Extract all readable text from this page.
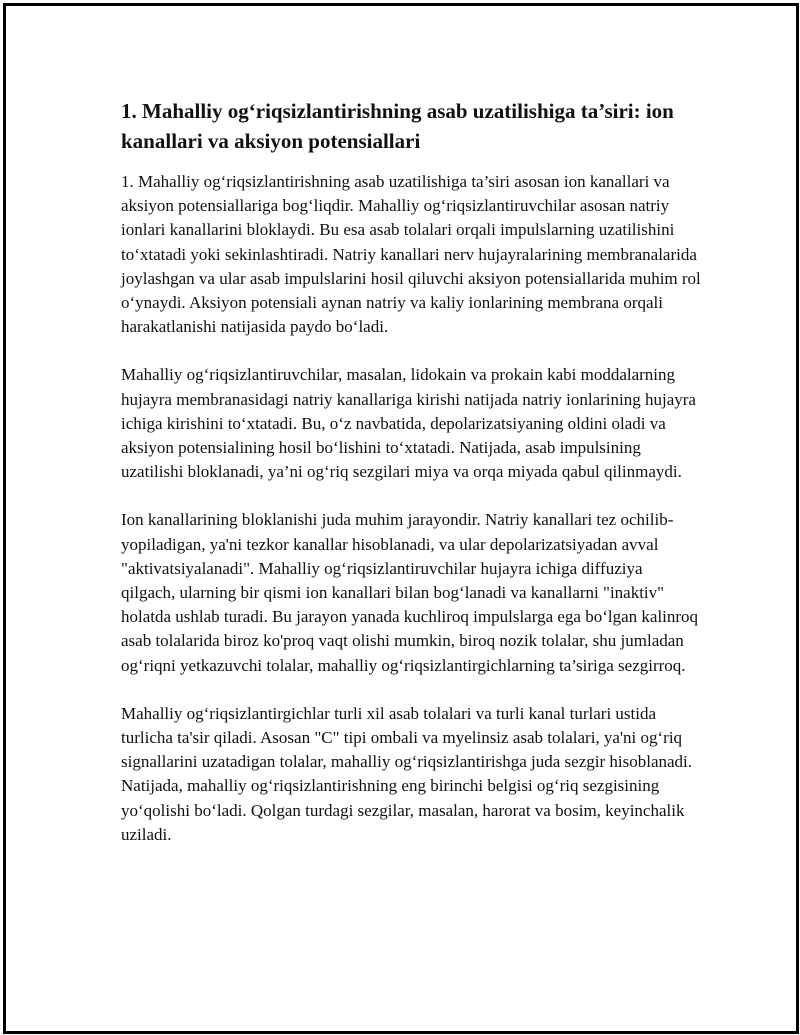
1. Mahalliy og‘riqsizlantirishning asab uzatilishiga ta’siri: ion kanallari va aksiyon potensiallari

1. Mahalliy og‘riqsizlantirishning asab uzatilishiga ta’siri asosan ion kanallari va aksiyon potensiallariga bog‘liqdir. Mahalliy og‘riqsizlantiruvchilar asosan natriy ionlari kanallarini bloklaydi. Bu esa asab tolalari orqali impulslarning uzatilishini to‘xtatadi yoki sekinlashtiradi. Natriy kanallari nerv hujayralarining membranalarida joylashgan va ular asab impulslarini hosil qiluvchi aksiyon potensiallarida muhim rol o‘ynaydi. Aksiyon potensiali aynan natriy va kaliy ionlarining membrana orqali harakatlanishi natijasida paydo bo‘ladi.

Mahalliy og‘riqsizlantiruvchilar, masalan, lidokain va prokain kabi moddalarning hujayra membranasidagi natriy kanallariga kirishi natijada natriy ionlarining hujayra ichiga kirishini to‘xtatadi. Bu, o‘z navbatida, depolarizatsiyaning oldini oladi va aksiyon potensialining hosil bo‘lishini to‘xtatadi. Natijada, asab impulsining uzatilishi bloklanadi, ya’ni og‘riq sezgilari miya va orqa miyada qabul qilinmaydi.

Ion kanallarining bloklanishi juda muhim jarayondir. Natriy kanallari tez ochilib-yopiladigan, ya'ni tezkor kanallar hisoblanadi, va ular depolarizatsiyadan avval "aktivatsiyalanadi". Mahalliy og‘riqsizlantiruvchilar hujayra ichiga diffuziya qilgach, ularning bir qismi ion kanallari bilan bog‘lanadi va kanallarni "inaktiv" holatda ushlab turadi. Bu jarayon yanada kuchliroq impulslarga ega bo‘lgan kalinroq asab tolalarida biroz ko'proq vaqt olishi mumkin, biroq nozik tolalar, shu jumladan og‘riqni yetkazuvchi tolalar, mahalliy og‘riqsizlantirgichlarning ta’siriga sezgirroq.

Mahalliy og‘riqsizlantirgichlar turli xil asab tolalari va turli kanal turlari ustida turlicha ta'sir qiladi. Asosan "C" tipi ombali va myelinsiz asab tolalari, ya'ni og‘riq signallarini uzatadigan tolalar, mahalliy og‘riqsizlantirishga juda sezgir hisoblanadi. Natijada, mahalliy og‘riqsizlantirishning eng birinchi belgisi og‘riq sezgisining yo‘qolishi bo‘ladi. Qolgan turdagi sezgilar, masalan, harorat va bosim, keyinchalik uziladi.
